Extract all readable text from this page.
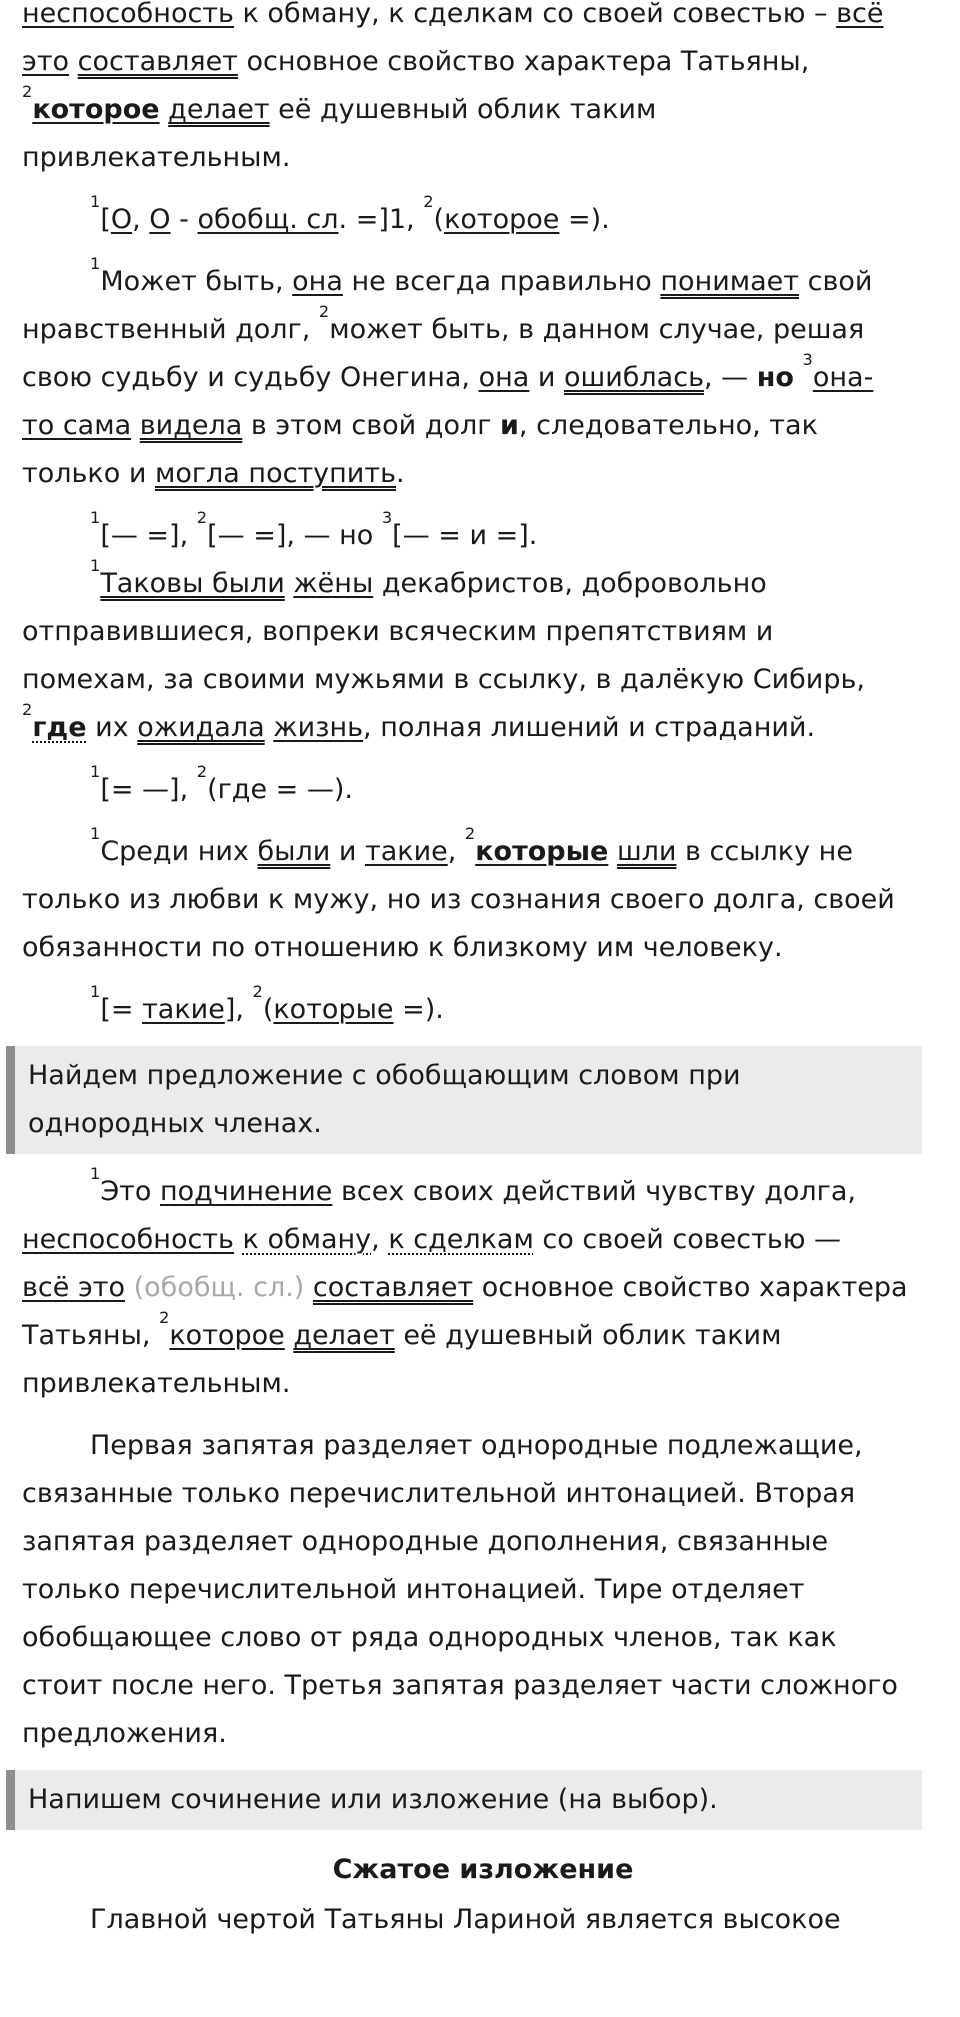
неспособность к обману, к сделкам со своей совестью – всё
это составляет основное свойство характера Татьяны,
$^2$которое делает её душевный облик таким
привлекательным.

$^1$[О, О - обобщ. сл. =]1, $^2$(которое =).

$^1$Может быть, она не всегда правильно понимает свой
нравственный долг, $^2$может быть, в данном случае, решая
свою судьбу и судьбу Онегина, она и ошиблась, — но $^3$она-
то сама видела в этом свой долг и, следовательно, так
только и могла поступить.

$^1$[— =], $^2$[— =], — но $^3$[— = и =].

$^1$Таковы были жёны декабристов, добровольно
отправившиеся, вопреки всяческим препятствиям и
помехам, за своими мужьями в ссылку, в далёкую Сибирь,
$^2$где их ожидала жизнь, полная лишений и страданий.

$^1$[= —], $^2$(где = —).

$^1$Среди них были и такие, $^2$которые шли в ссылку не
только из любви к мужу, но из сознания своего долга, своей
обязанности по отношению к близкому им человеку.

$^1$[= такие], $^2$(которые =).

Найдем предложение с обобщающим словом при
однородных членах.

$^1$Это подчинение всех своих действий чувству долга,
неспособность к обману, к сделкам со своей совестью —
всё это (обобщ. сл.) составляет основное свойство характера
Татьяны, $^2$которое делает её душевный облик таким
привлекательным.

Первая запятая разделяет однородные подлежащие,
связанные только перечислительной интонацией. Вторая
запятая разделяет однородные дополнения, связанные
только перечислительной интонацией. Тире отделяет
обобщающее слово от ряда однородных членов, так как
стоит после него. Третья запятая разделяет части сложного
предложения.

Напишем сочинение или изложение (на выбор).

Сжатое изложение

Главной чертой Татьяны Лариной является высокое
